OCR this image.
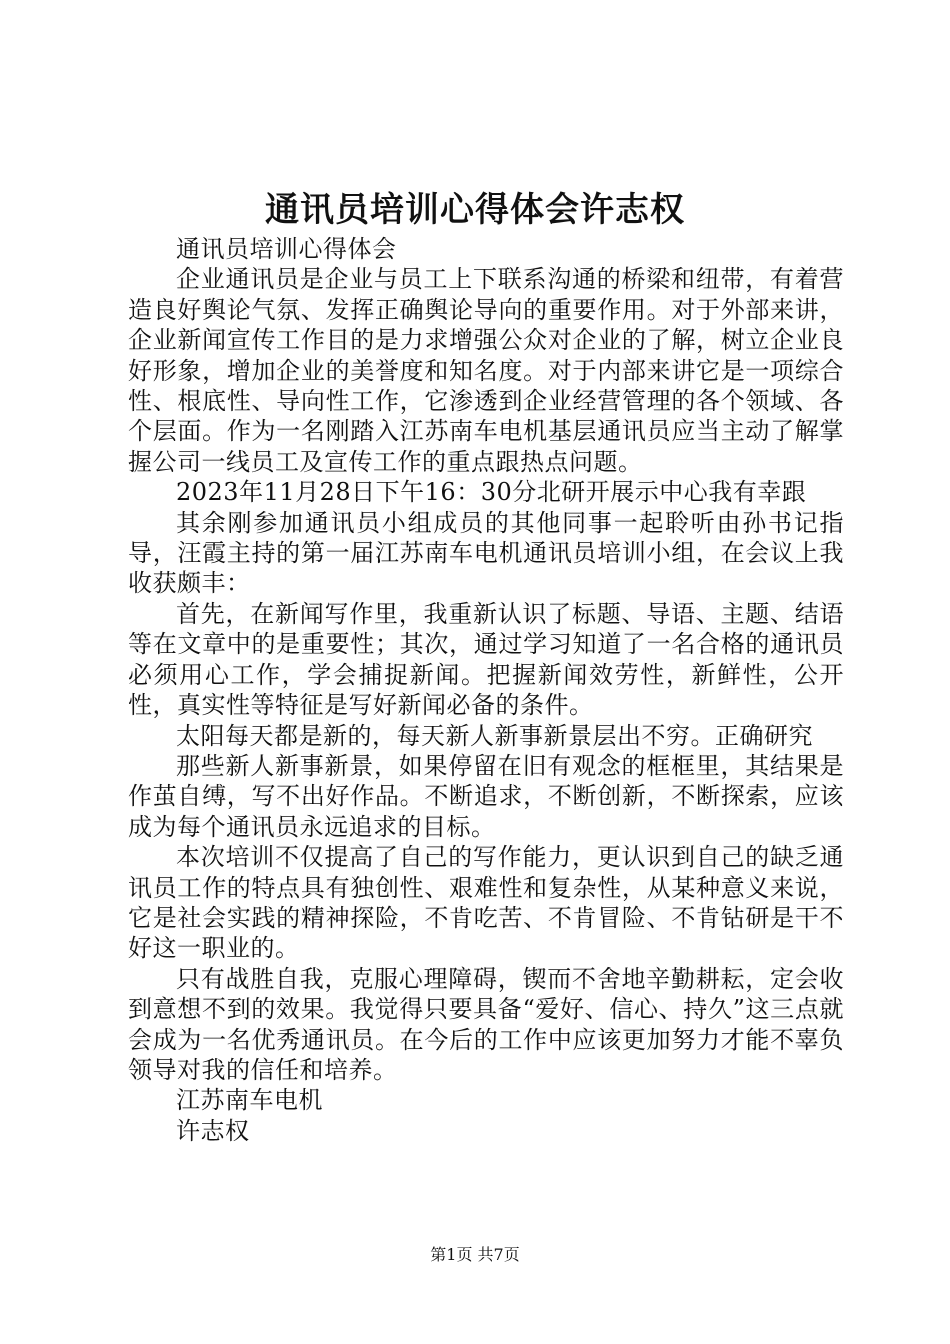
通讯员培训心得体会许志权

通讯员培训心得体会

企业通讯员是企业与员工上下联系沟通的桥梁和纽带，有着营造良好舆论气氛、发挥正确舆论导向的重要作用。对于外部来讲，企业新闻宣传工作目的是力求增强公众对企业的了解，树立企业良好形象，增加企业的美誉度和知名度。对于内部来讲它是一项综合性、根底性、导向性工作，它渗透到企业经营管理的各个领域、各个层面。作为一名刚踏入江苏南车电机基层通讯员应当主动了解掌握公司一线员工及宣传工作的重点跟热点问题。

2023年11月28日下午16：30分北研开展示中心我有幸跟

其余刚参加通讯员小组成员的其他同事一起聆听由孙书记指导，汪霞主持的第一届江苏南车电机通讯员培训小组，在会议上我收获颇丰：

首先，在新闻写作里，我重新认识了标题、导语、主题、结语等在文章中的是重要性；其次，通过学习知道了一名合格的通讯员必须用心工作，学会捕捉新闻。把握新闻效劳性，新鲜性，公开性，真实性等特征是写好新闻必备的条件。

太阳每天都是新的，每天新人新事新景层出不穷。正确研究

那些新人新事新景，如果停留在旧有观念的框框里，其结果是作茧自缚，写不出好作品。不断追求，不断创新，不断探索，应该成为每个通讯员永远追求的目标。

本次培训不仅提高了自己的写作能力，更认识到自己的缺乏通讯员工作的特点具有独创性、艰难性和复杂性，从某种意义来说，它是社会实践的精神探险，不肯吃苦、不肯冒险、不肯钻研是干不好这一职业的。

只有战胜自我，克服心理障碍，锲而不舍地辛勤耕耘，定会收到意想不到的效果。我觉得只要具备“爱好、信心、持久”这三点就会成为一名优秀通讯员。在今后的工作中应该更加努力才能不辜负领导对我的信任和培养。

江苏南车电机

许志权

第1页 共7页
